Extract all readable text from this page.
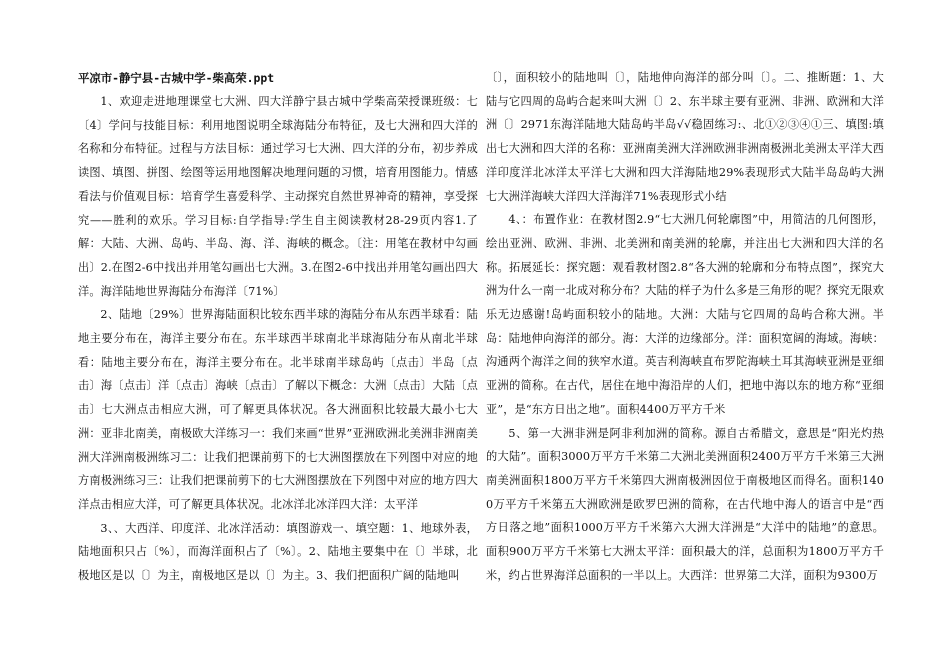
平凉市-静宁县-古城中学-柴高荣.ppt

1、欢迎走进地理课堂七大洲、四大洋静宁县古城中学柴高荣授课班级：七〔4〕学问与技能目标：利用地图说明全球海陆分布特征，及七大洲和四大洋的名称和分布特征。过程与方法目标：通过学习七大洲、四大洋的分布，初步养成读图、填图、拼图、绘图等运用地图解决地理问题的习惯，培育用图能力。情感看法与价值观目标：培育学生喜爱科学、主动探究自然世界神奇的精神，享受探究——胜利的欢乐。学习目标:自学指导:学生自主阅读教材28-29页内容1.了解：大陆、大洲、岛屿、半岛、海、洋、海峡的概念。〔注：用笔在教材中勾画出〕2.在图2-6中找出并用笔勾画出七大洲。3.在图2-6中找出并用笔勾画出四大洋。海洋陆地世界海陆分布海洋〔71%〕

2、陆地〔29%〕世界海陆面积比较东西半球的海陆分布从东西半球看：陆地主要分布在，海洋主要分布在。东半球西半球南北半球海陆分布从南北半球看：陆地主要分布在，海洋主要分布在。北半球南半球岛屿〔点击〕半岛〔点击〕海〔点击〕洋〔点击〕海峡〔点击〕了解以下概念：大洲〔点击〕大陆〔点击〕七大洲点击相应大洲，可了解更具体状况。各大洲面积比较最大最小七大洲：亚非北南美，南极欧大洋练习一：我们来画“世界”亚洲欧洲北美洲非洲南美洲大洋洲南极洲练习二：让我们把课前剪下的七大洲图摆放在下列图中对应的地方南极洲练习三：让我们把课前剪下的七大洲图摆放在下列图中对应的地方四大洋点击相应大洋，可了解更具体状况。北冰洋北冰洋四大洋：太平洋

3、、大西洋、印度洋、北冰洋活动：填图游戏一、填空题：1、地球外表，陆地面积只占〔%〕，而海洋面积占了〔%〕。2、陆地主要集中在〔〕半球，北极地区是以〔〕为主，南极地区是以〔〕为主。3、我们把面积广阔的陆地叫

〔〕，面积较小的陆地叫〔〕，陆地伸向海洋的部分叫〔〕。二、推断题：1、大陆与它四周的岛屿合起来叫大洲〔〕2、东半球主要有亚洲、非洲、欧洲和大洋洲〔〕2971东海洋陆地大陆岛屿半岛√√稳固练习:、北①②③④①三、填图:填出七大洲和四大洋的名称：亚洲南美洲大洋洲欧洲非洲南极洲北美洲太平洋大西洋印度洋北冰洋太平洋七大洲和四大洋海陆地29%表现形式大陆半岛岛屿大洲七大洲洋海峡大洋四大洋海洋71%表现形式小结

4、：布置作业：在教材图2.9“七大洲几何轮廓图”中，用简洁的几何图形，绘出亚洲、欧洲、非洲、北美洲和南美洲的轮廓，并注出七大洲和四大洋的名称。拓展延长：探究题：观看教材图2.8“各大洲的轮廓和分布特点图”，探究大洲为什么一南一北成对称分布？大陆的样子为什么多是三角形的呢？探究无限欢乐无边感谢!岛屿面积较小的陆地。大洲：大陆与它四周的岛屿合称大洲。半岛：陆地伸向海洋的部分。海：大洋的边缘部分。洋：面积宽阔的海域。海峡：沟通两个海洋之间的狭窄水道。英吉利海峡直布罗陀海峡土耳其海峡亚洲是亚细亚洲的简称。在古代，居住在地中海沿岸的人们，把地中海以东的地方称“亚细亚”，是“东方日出之地”。面积4400万平方千米

5、第一大洲非洲是阿非利加洲的简称。源自古希腊文，意思是“阳光灼热的大陆”。面积3000万平方千米第二大洲北美洲面积2400万平方千米第三大洲南美洲面积1800万平方千米第四大洲南极洲因位于南极地区而得名。面积1400万平方千米第五大洲欧洲是欧罗巴洲的简称，在古代地中海人的语言中是“西方日落之地”面积1000万平方千米第六大洲大洋洲是“大洋中的陆地”的意思。面积900万平方千米第七大洲太平洋：面积最大的洋，总面积为1800万平方千米，约占世界海洋总面积的一半以上。大西洋：世界第二大洋，面积为9300万
